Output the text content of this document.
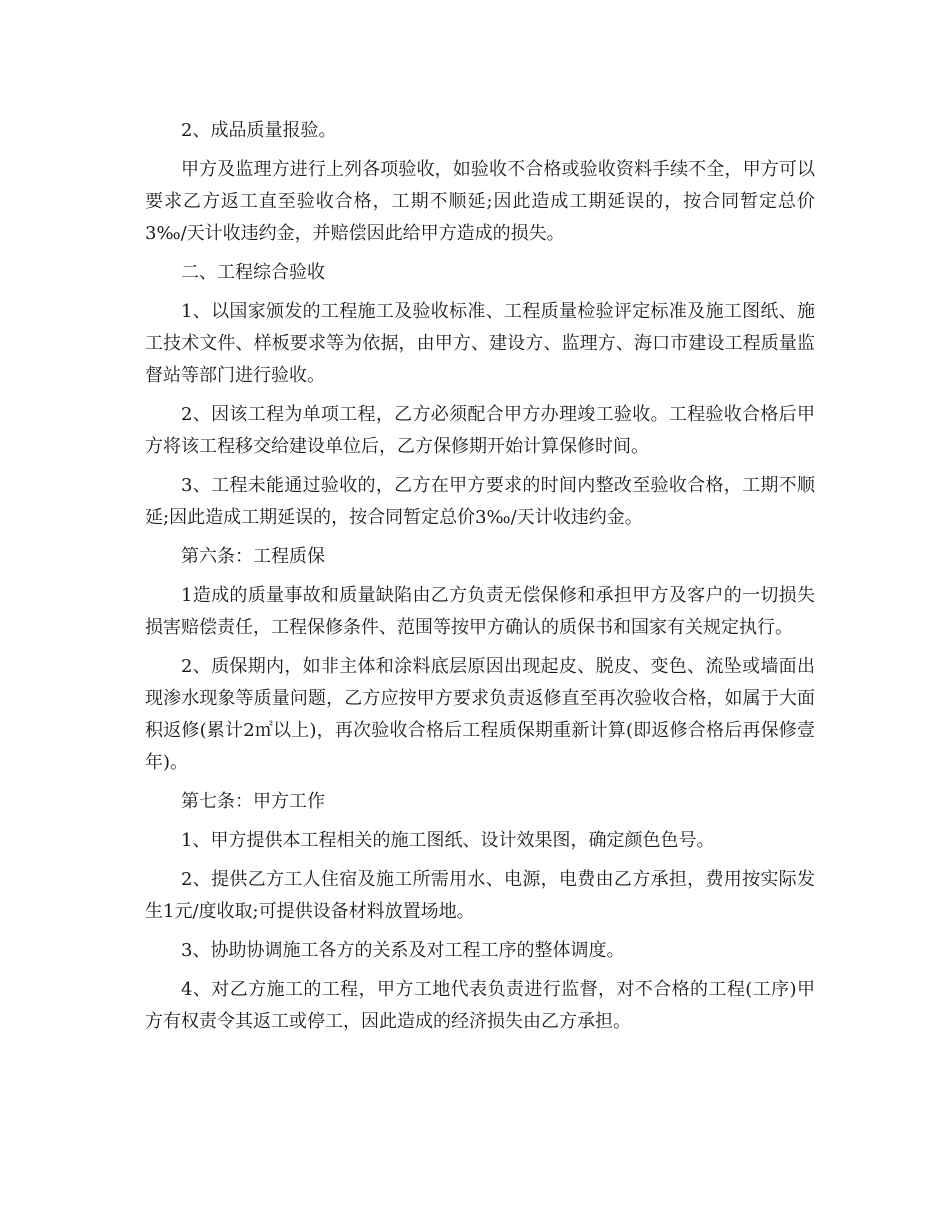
2、成品质量报验。

甲方及监理方进行上列各项验收，如验收不合格或验收资料手续不全，甲方可以要求乙方返工直至验收合格，工期不顺延;因此造成工期延误的，按合同暂定总价3‰/天计收违约金，并赔偿因此给甲方造成的损失。

二、工程综合验收

1、以国家颁发的工程施工及验收标准、工程质量检验评定标准及施工图纸、施工技术文件、样板要求等为依据，由甲方、建设方、监理方、海口市建设工程质量监督站等部门进行验收。

2、因该工程为单项工程，乙方必须配合甲方办理竣工验收。工程验收合格后甲方将该工程移交给建设单位后，乙方保修期开始计算保修时间。

3、工程未能通过验收的，乙方在甲方要求的时间内整改至验收合格，工期不顺延;因此造成工期延误的，按合同暂定总价3‰/天计收违约金。

第六条：工程质保

1造成的质量事故和质量缺陷由乙方负责无偿保修和承担甲方及客户的一切损失损害赔偿责任，工程保修条件、范围等按甲方确认的质保书和国家有关规定执行。

2、质保期内，如非主体和涂料底层原因出现起皮、脱皮、变色、流坠或墙面出现渗水现象等质量问题，乙方应按甲方要求负责返修直至再次验收合格，如属于大面积返修(累计2㎡以上)，再次验收合格后工程质保期重新计算(即返修合格后再保修壹年)。

第七条：甲方工作

1、甲方提供本工程相关的施工图纸、设计效果图，确定颜色色号。

2、提供乙方工人住宿及施工所需用水、电源，电费由乙方承担，费用按实际发生1元/度收取;可提供设备材料放置场地。

3、协助协调施工各方的关系及对工程工序的整体调度。

4、对乙方施工的工程，甲方工地代表负责进行监督，对不合格的工程(工序)甲方有权责令其返工或停工，因此造成的经济损失由乙方承担。
